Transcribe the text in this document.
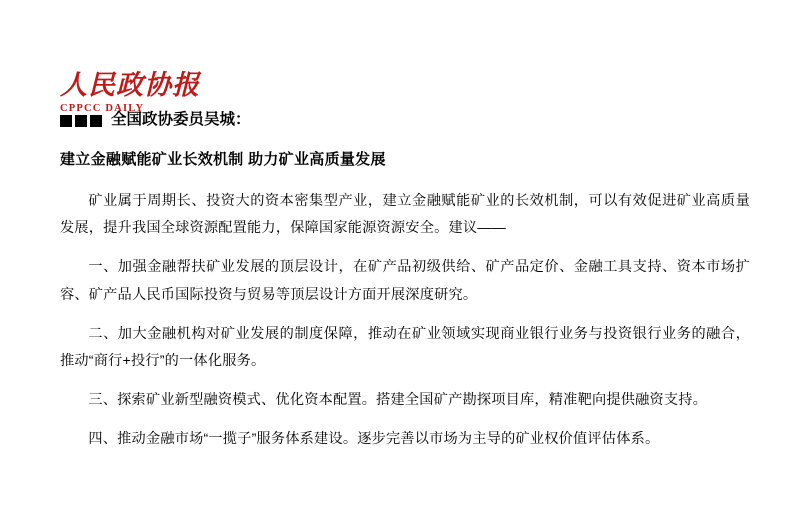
人民政协报
CPPCC DAILY
全国政协委员吴城：
建立金融赋能矿业长效机制 助力矿业高质量发展

矿业属于周期长、投资大的资本密集型产业，建立金融赋能矿业的长效机制，可以有效促进矿业高质量发展，提升我国全球资源配置能力，保障国家能源资源安全。建议——

一、加强金融帮扶矿业发展的顶层设计，在矿产品初级供给、矿产品定价、金融工具支持、资本市场扩容、矿产品人民币国际投资与贸易等顶层设计方面开展深度研究。

二、加大金融机构对矿业发展的制度保障，推动在矿业领域实现商业银行业务与投资银行业务的融合，推动“商行+投行”的一体化服务。

三、探索矿业新型融资模式、优化资本配置。搭建全国矿产勘探项目库，精准靶向提供融资支持。

四、推动金融市场“一揽子”服务体系建设。逐步完善以市场为主导的矿业权价值评估体系。
